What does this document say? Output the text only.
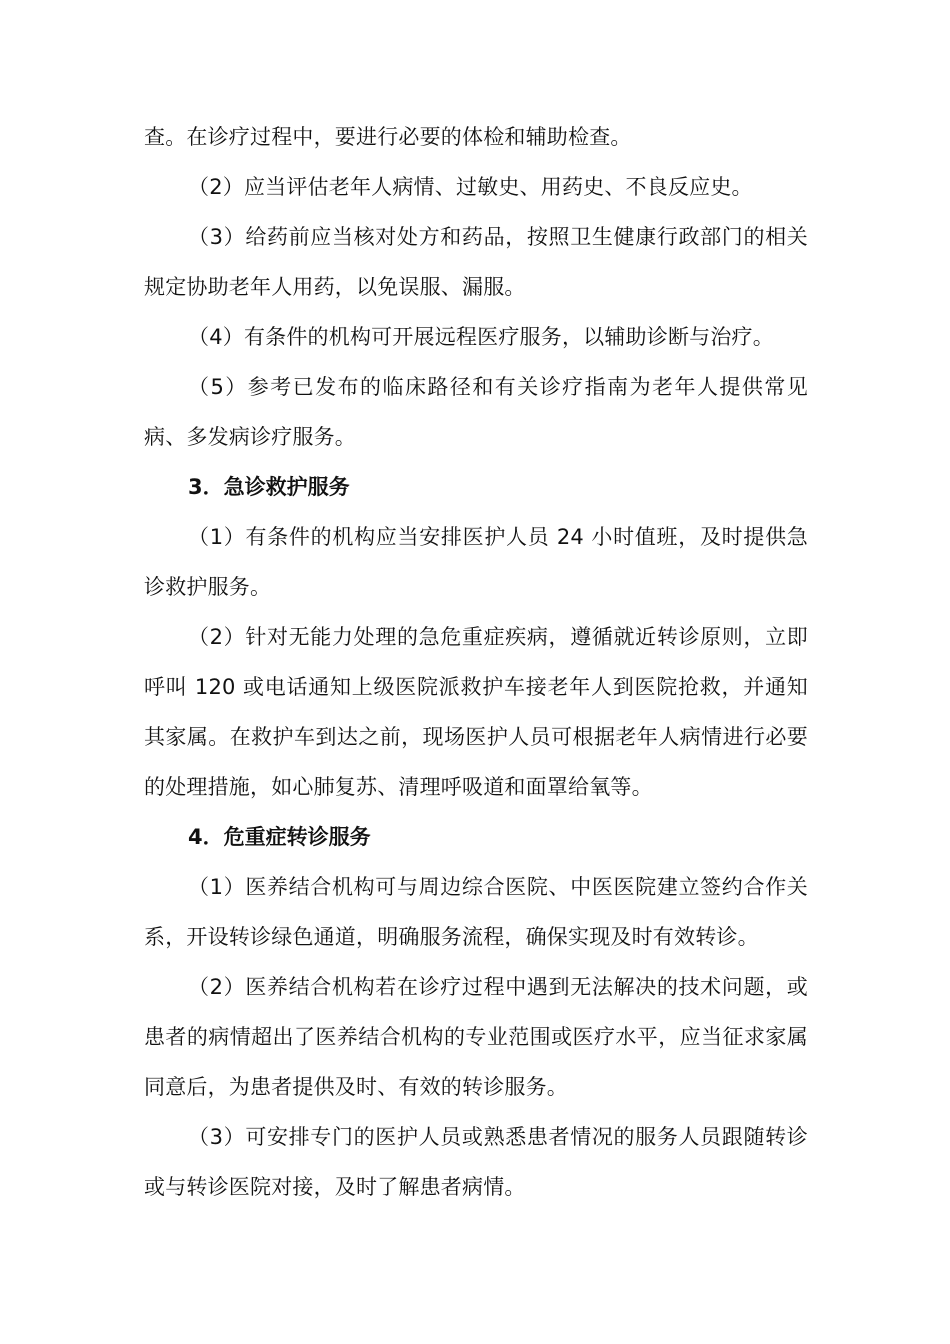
查。在诊疗过程中，要进行必要的体检和辅助检查。

（2）应当评估老年人病情、过敏史、用药史、不良反应史。

（3）给药前应当核对处方和药品，按照卫生健康行政部门的相关规定协助老年人用药，以免误服、漏服。

（4）有条件的机构可开展远程医疗服务，以辅助诊断与治疗。

（5）参考已发布的临床路径和有关诊疗指南为老年人提供常见病、多发病诊疗服务。

3．急诊救护服务

（1）有条件的机构应当安排医护人员 24 小时值班，及时提供急诊救护服务。

（2）针对无能力处理的急危重症疾病，遵循就近转诊原则，立即呼叫 120 或电话通知上级医院派救护车接老年人到医院抢救，并通知其家属。在救护车到达之前，现场医护人员可根据老年人病情进行必要的处理措施，如心肺复苏、清理呼吸道和面罩给氧等。

4．危重症转诊服务

（1）医养结合机构可与周边综合医院、中医医院建立签约合作关系，开设转诊绿色通道，明确服务流程，确保实现及时有效转诊。

（2）医养结合机构若在诊疗过程中遇到无法解决的技术问题，或患者的病情超出了医养结合机构的专业范围或医疗水平，应当征求家属同意后，为患者提供及时、有效的转诊服务。

（3）可安排专门的医护人员或熟悉患者情况的服务人员跟随转诊或与转诊医院对接，及时了解患者病情。
